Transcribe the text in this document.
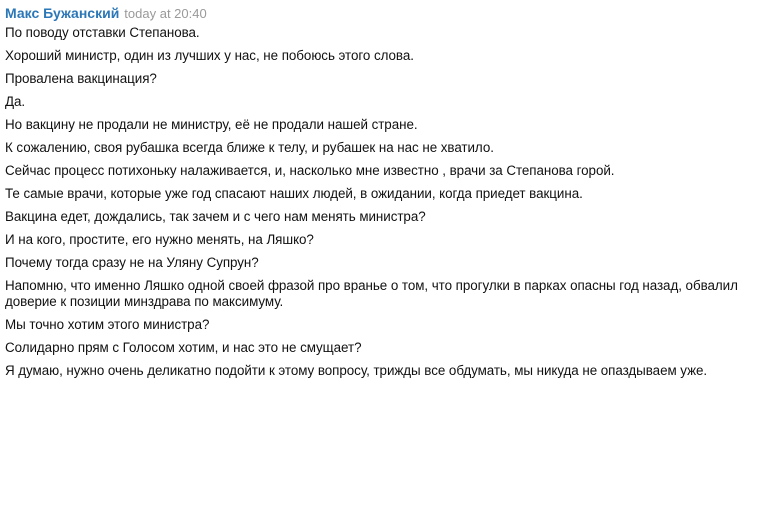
Макс Бужанский today at 20:40

По поводу отставки Степанова.

Хороший министр, один из лучших у нас, не побоюсь этого слова.

Провалена вакцинация?

Да.

Но вакцину не продали не министру, её не продали нашей стране.

К сожалению, своя рубашка всегда ближе к телу, и рубашек на нас не хватило.

Сейчас процесс потихоньку налаживается, и, насколько мне известно , врачи за Степанова горой.

Те самые врачи, которые уже год спасают наших людей, в ожидании, когда приедет вакцина.

Вакцина едет, дождались, так зачем и с чего нам менять министра?

И на кого, простите, его нужно менять, на Ляшко?

Почему тогда сразу не на Уляну Супрун?

Напомню, что именно Ляшко одной своей фразой про враньe о том, что прогулки в парках опасны год назад, обвалил доверие к позиции минздрава по максимуму.

Мы точно хотим этого министра?

Солидарно прям с Голосом хотим, и нас это не смущает?

Я думаю, нужно очень деликатно подойти к этому вопросу, трижды все обдумать, мы никуда не опаздываем уже.
